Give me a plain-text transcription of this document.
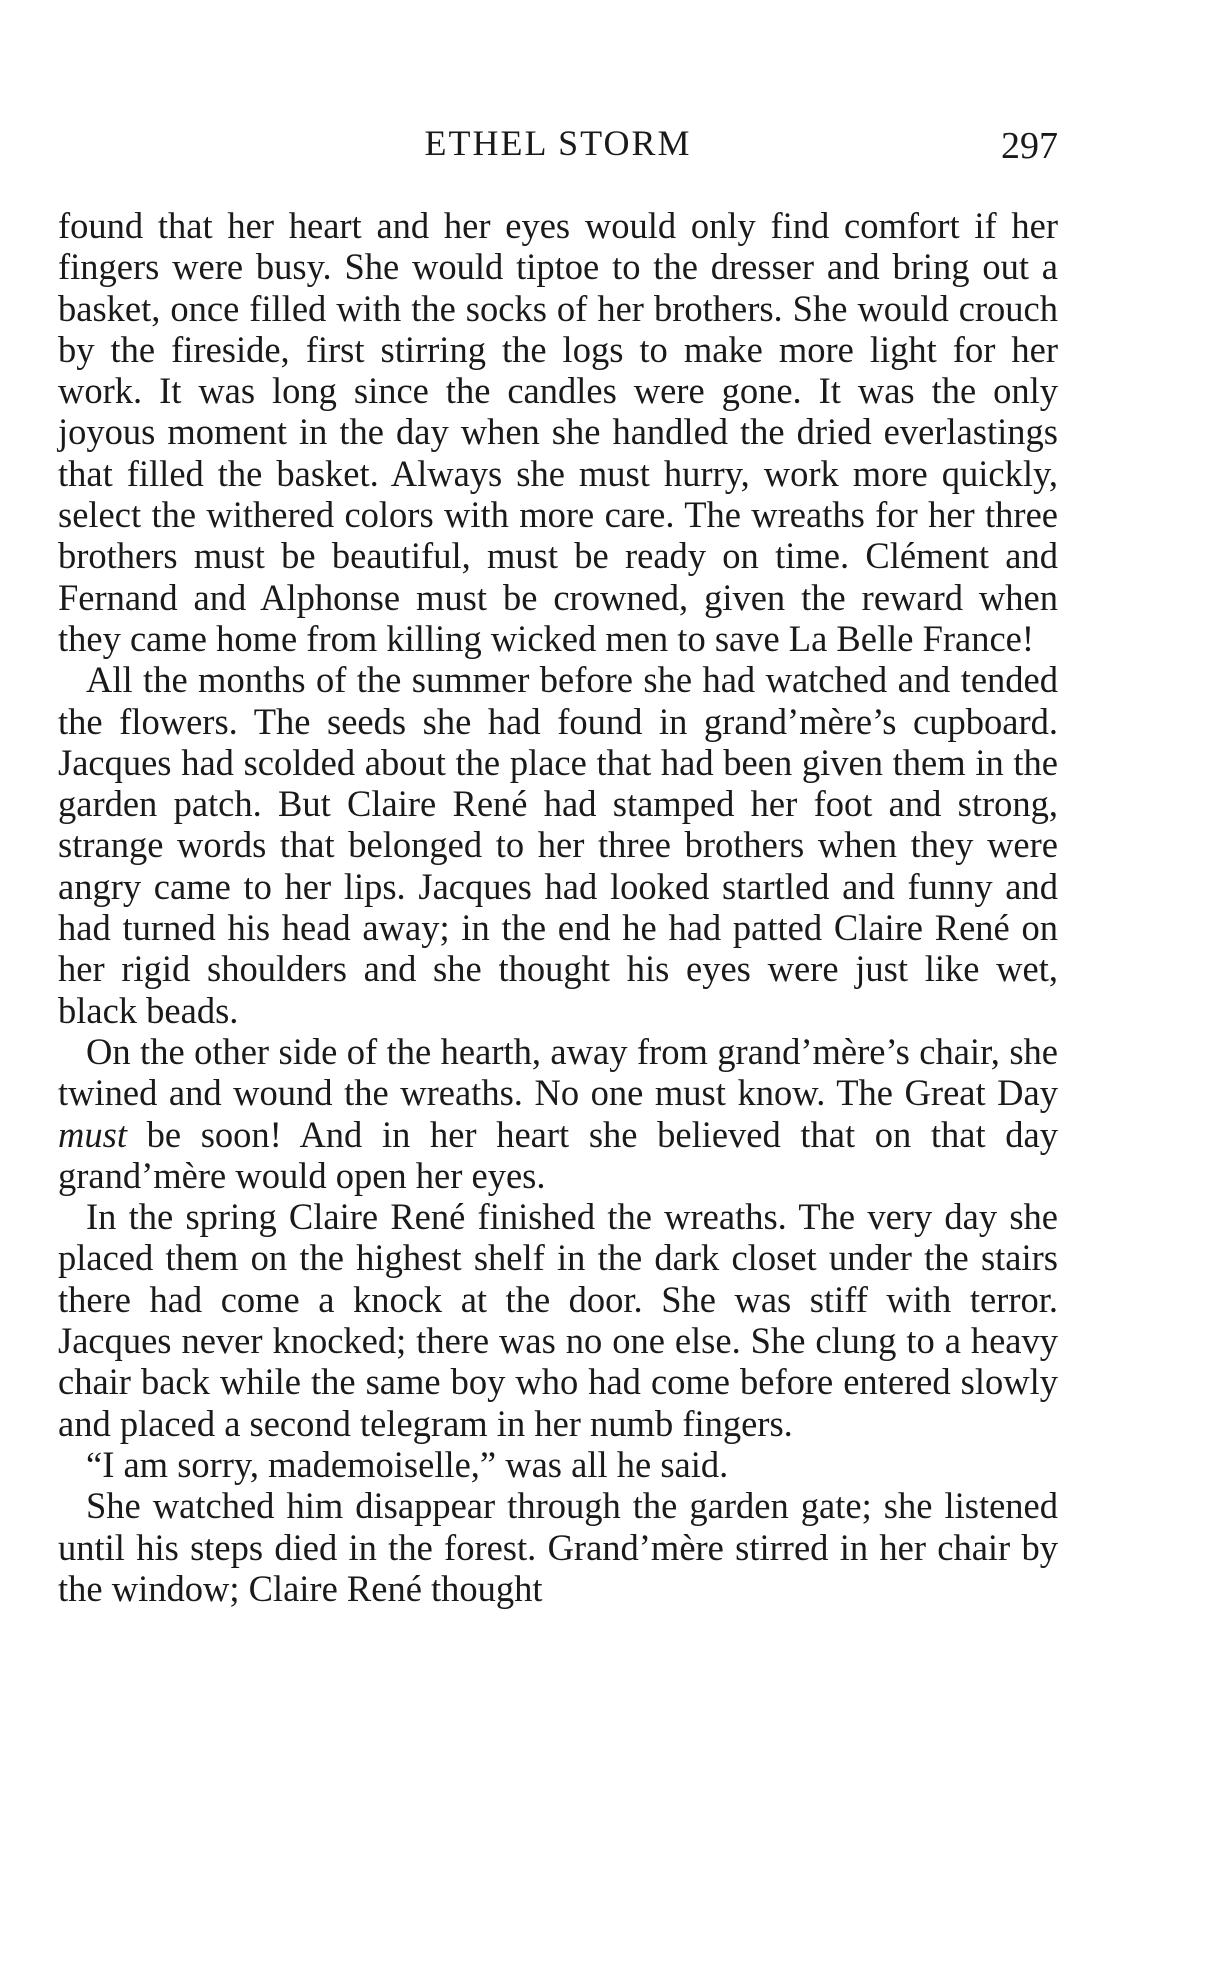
ETHEL STORM	297

found that her heart and her eyes would only find comfort if her fingers were busy. She would tiptoe to the dresser and bring out a basket, once filled with the socks of her brothers. She would crouch by the fireside, first stirring the logs to make more light for her work. It was long since the candles were gone. It was the only joyous moment in the day when she handled the dried everlastings that filled the basket. Always she must hurry, work more quickly, select the withered colors with more care. The wreaths for her three brothers must be beautiful, must be ready on time. Clément and Fernand and Alphonse must be crowned, given the reward when they came home from killing wicked men to save La Belle France!

All the months of the summer before she had watched and tended the flowers. The seeds she had found in grand’mère’s cupboard. Jacques had scolded about the place that had been given them in the garden patch. But Claire René had stamped her foot and strong, strange words that belonged to her three brothers when they were angry came to her lips. Jacques had looked startled and funny and had turned his head away; in the end he had patted Claire René on her rigid shoulders and she thought his eyes were just like wet, black beads.

On the other side of the hearth, away from grand’mère’s chair, she twined and wound the wreaths. No one must know. The Great Day must be soon! And in her heart she believed that on that day grand’mère would open her eyes.

In the spring Claire René finished the wreaths. The very day she placed them on the highest shelf in the dark closet under the stairs there had come a knock at the door. She was stiff with terror. Jacques never knocked; there was no one else. She clung to a heavy chair back while the same boy who had come before entered slowly and placed a second telegram in her numb fingers.

“I am sorry, mademoiselle,” was all he said.

She watched him disappear through the garden gate; she listened until his steps died in the forest. Grand’mère stirred in her chair by the window; Claire René thought
